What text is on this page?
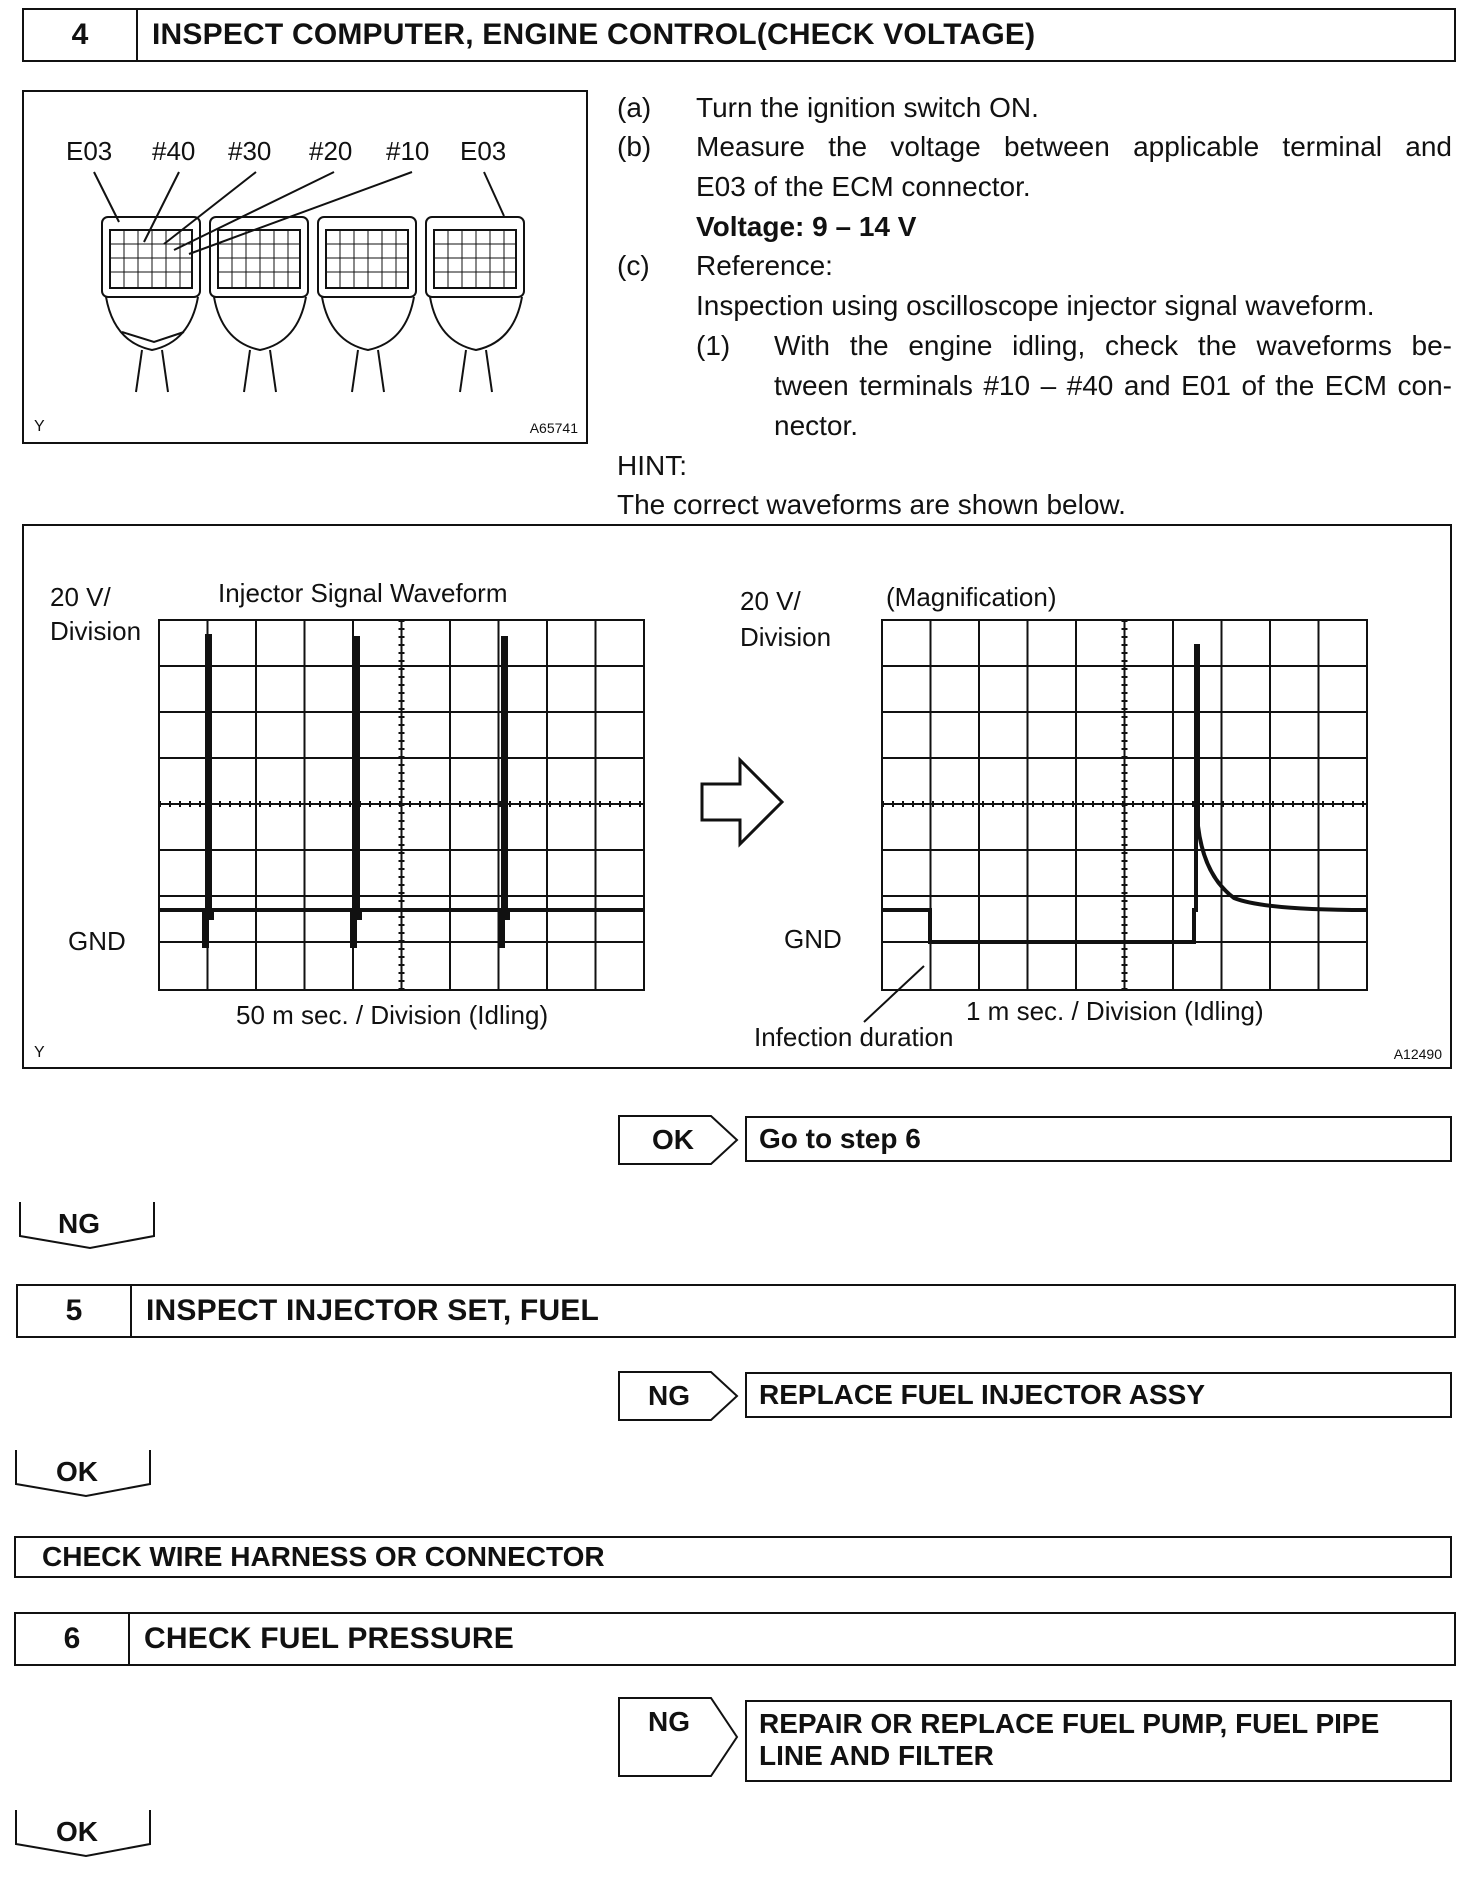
4	INSPECT COMPUTER, ENGINE CONTROL(CHECK VOLTAGE)
E03 #40 #30 #20 #10 E03
Y	A65741
(a) Turn the ignition switch ON.
(b) Measure the voltage between applicable terminal and
E03 of the ECM connector.
Voltage: 9 – 14 V
(c) Reference:
Inspection using oscilloscope injector signal waveform.
(1) With the engine idling, check the waveforms be-
tween terminals #10 – #40 and E01 of the ECM con-
nector.
HINT:
The correct waveforms are shown below.
20 V/
Division
Injector Signal Waveform
GND
50 m sec. / Division (Idling)
20 V/
Division
(Magnification)
GND
1 m sec. / Division (Idling)
Infection duration
Y	A12490
OK	Go to step 6
NG
5	INSPECT INJECTOR SET, FUEL
NG	REPLACE FUEL INJECTOR ASSY
OK
CHECK WIRE HARNESS OR CONNECTOR
6	CHECK FUEL PRESSURE
NG REPAIR OR REPLACE FUEL PUMP, FUEL PIPE
LINE AND FILTER
OK
